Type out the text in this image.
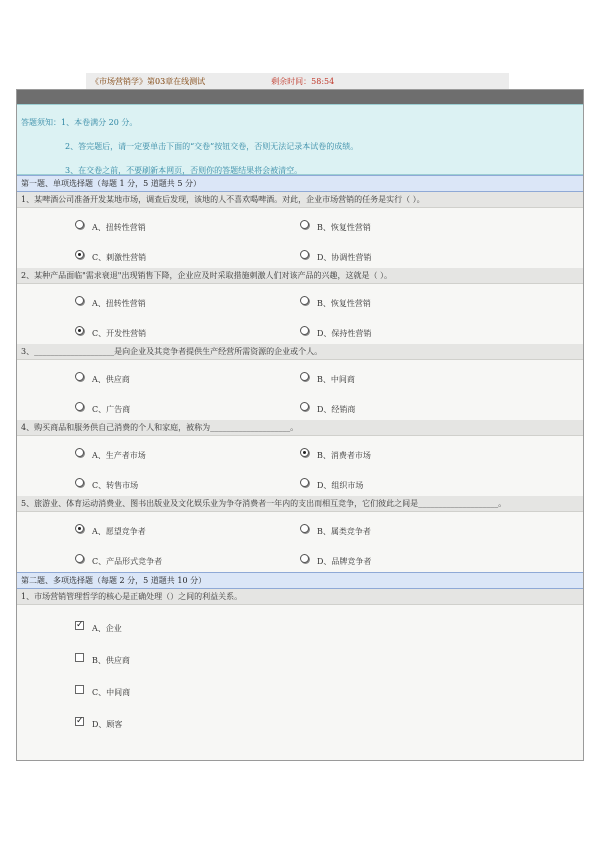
《市场营销学》第03章在线测试	剩余时间：58:54
答题须知：1、本卷满分 20 分。
2、答完题后，请一定要单击下面的“交卷”按钮交卷，否则无法记录本试卷的成绩。
3、在交卷之前，不要刷新本网页，否则你的答题结果将会被清空。
第一题、单项选择题（每题 1 分，5 道题共 5 分）
1、某啤酒公司准备开发某地市场，调查后发现，该地的人不喜欢喝啤酒。对此，企业市场营销的任务是实行（ ）。
A、扭转性营销	B、恢复性营销
C、刺激性营销	D、协调性营销
2、某种产品面临"需求衰退"出现销售下降，企业应及时采取措施刺激人们对该产品的兴趣，这就是（ ）。
A、扭转性营销	B、恢复性营销
C、开发性营销	D、保持性营销
3、____________________是向企业及其竞争者提供生产经营所需资源的企业或个人。
A、供应商	B、中间商
C、广告商	D、经销商
4、购买商品和服务供自己消费的个人和家庭，被称为____________________。
A、生产者市场	B、消费者市场
C、转售市场	D、组织市场
5、旅游业、体育运动消费业、图书出版业及文化娱乐业为争夺消费者一年内的支出而相互竞争，它们彼此之间是____________________。
A、愿望竞争者	B、属类竞争者
C、产品形式竞争者	D、品牌竞争者
第二题、多项选择题（每题 2 分，5 道题共 10 分）
1、市场营销管理哲学的核心是正确处理（）之间的利益关系。
✓ A、企业
B、供应商
C、中间商
✓ D、顾客
